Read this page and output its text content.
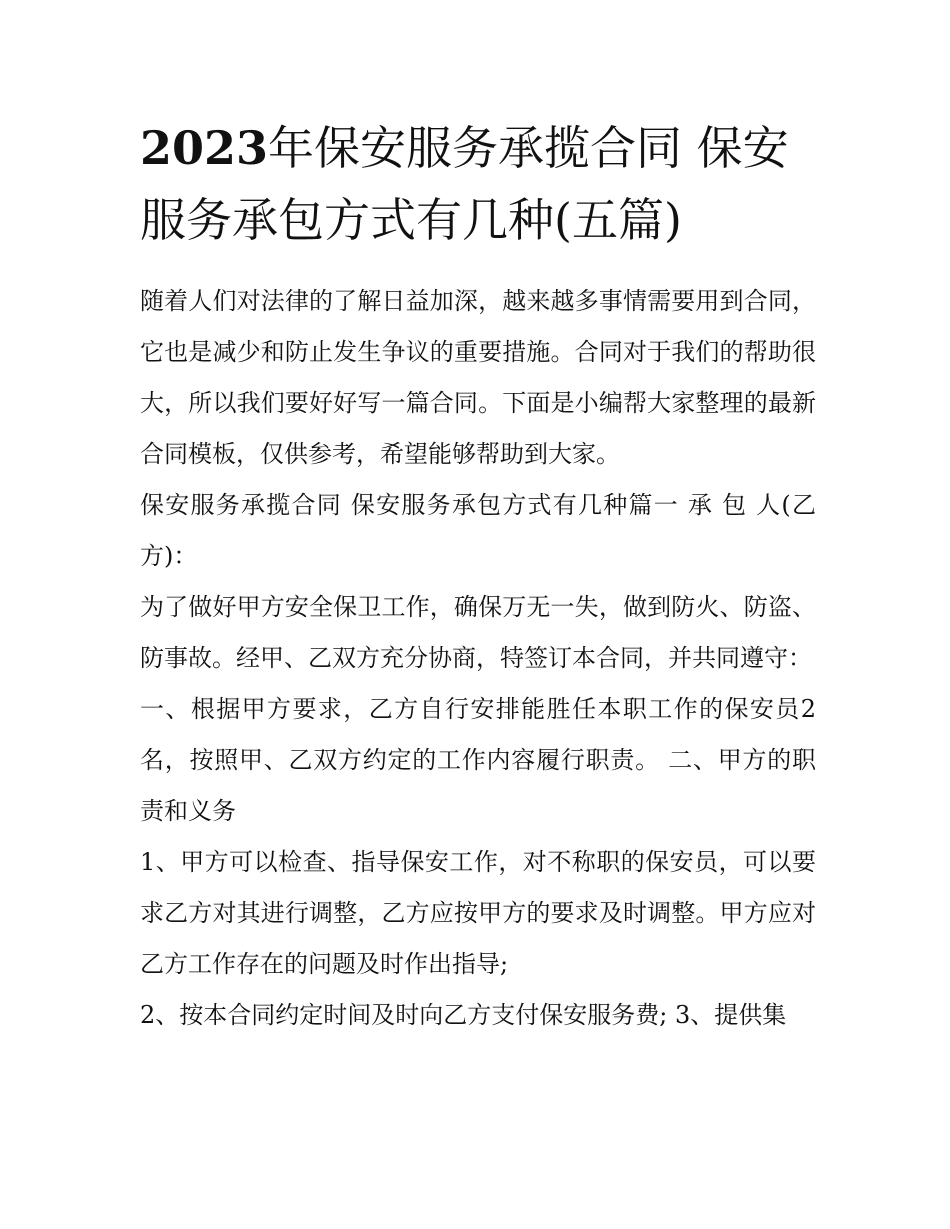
2023年保安服务承揽合同 保安服务承包方式有几种(五篇)

随着人们对法律的了解日益加深，越来越多事情需要用到合同，它也是减少和防止发生争议的重要措施。合同对于我们的帮助很大，所以我们要好好写一篇合同。下面是小编帮大家整理的最新合同模板，仅供参考，希望能够帮助到大家。

保安服务承揽合同 保安服务承包方式有几种篇一 承 包 人(乙方)：

为了做好甲方安全保卫工作，确保万无一失，做到防火、防盗、防事故。经甲、乙双方充分协商，特签订本合同，并共同遵守：

一、根据甲方要求，乙方自行安排能胜任本职工作的保安员2名，按照甲、乙双方约定的工作内容履行职责。 二、甲方的职责和义务

1、甲方可以检查、指导保安工作，对不称职的保安员，可以要求乙方对其进行调整，乙方应按甲方的要求及时调整。甲方应对乙方工作存在的问题及时作出指导;

2、按本合同约定时间及时向乙方支付保安服务费; 3、提供集
